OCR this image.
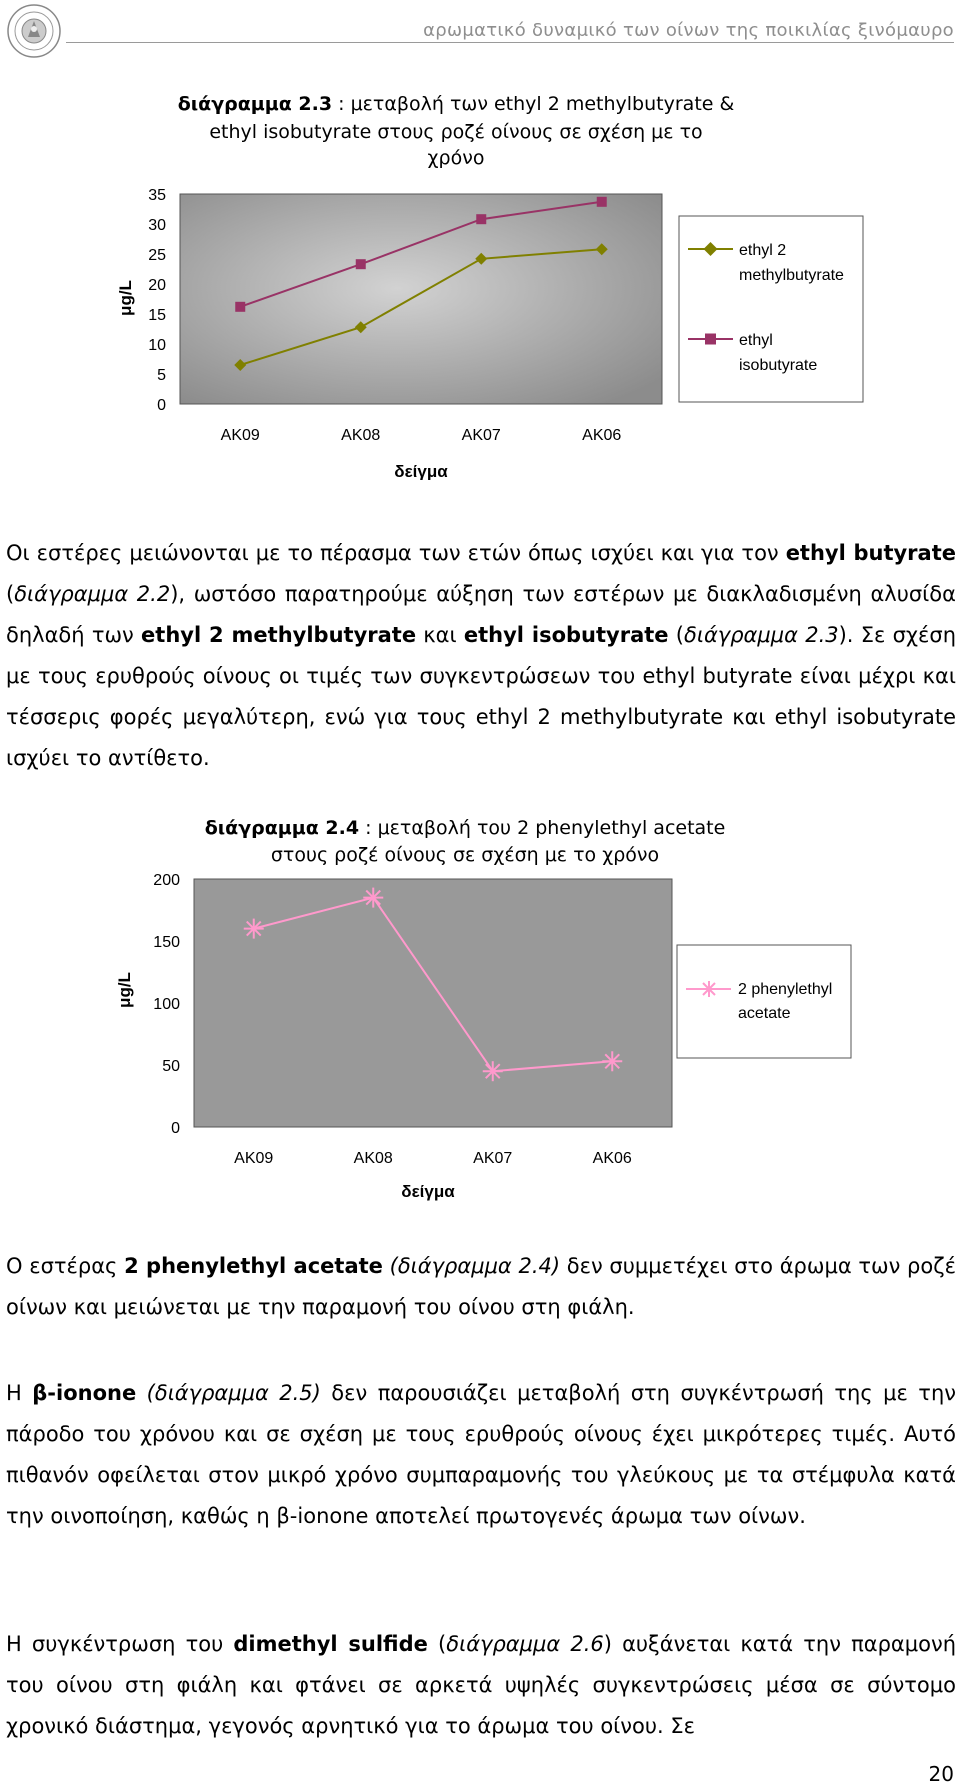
αρωματικό δυναμικό των οίνων της ποικιλίας ξινόμαυρο
διάγραμμα 2.3 : μεταβολή των ethyl 2 methylbutyrate &
ethyl isobutyrate στους ροζέ οίνους σε σχέση με το
χρόνο
μg/L
0
5
10
15
20
25
30
35
ΑΚ09	ΑΚ08	ΑΚ07	ΑΚ06
δείγμα
ethyl 2
methylbutyrate
ethyl
isobutyrate

Οι εστέρες μειώνονται με το πέρασμα των ετών όπως ισχύει και για τον ethyl butyrate (διάγραμμα 2.2), ωστόσο παρατηρούμε αύξηση των εστέρων με διακλαδισμένη αλυσίδα δηλαδή των ethyl 2 methylbutyrate και ethyl isobutyrate (διάγραμμα 2.3). Σε σχέση με τους ερυθρούς οίνους οι τιμές των συγκεντρώσεων του ethyl butyrate είναι μέχρι και τέσσερις φορές μεγαλύτερη, ενώ για τους ethyl 2 methylbutyrate και ethyl isobutyrate ισχύει το αντίθετο.

διάγραμμα 2.4 : μεταβολή του 2 phenylethyl acetate
στους ροζέ οίνους σε σχέση με το χρόνο
μg/L
0
50
100
150
200
ΑΚ09	ΑΚ08	ΑΚ07	ΑΚ06
δείγμα
2 phenylethyl
acetate

Ο εστέρας 2 phenylethyl acetate (διάγραμμα 2.4) δεν συμμετέχει στο άρωμα των ροζέ οίνων και μειώνεται με την παραμονή του οίνου στη φιάλη.

Η β-ionone (διάγραμμα 2.5) δεν παρουσιάζει μεταβολή στη συγκέντρωσή της με την πάροδο του χρόνου και σε σχέση με τους ερυθρούς οίνους έχει μικρότερες τιμές. Αυτό πιθανόν οφείλεται στον μικρό χρόνο συμπαραμονής του γλεύκους με τα στέμφυλα κατά την οινοποίηση, καθώς η β-ionone αποτελεί πρωτογενές άρωμα των οίνων.

Η συγκέντρωση του dimethyl sulfide (διάγραμμα 2.6) αυξάνεται κατά την παραμονή του οίνου στη φιάλη και φτάνει σε αρκετά υψηλές συγκεντρώσεις μέσα σε σύντομο χρονικό διάστημα, γεγονός αρνητικό για το άρωμα του οίνου. Σε

20
